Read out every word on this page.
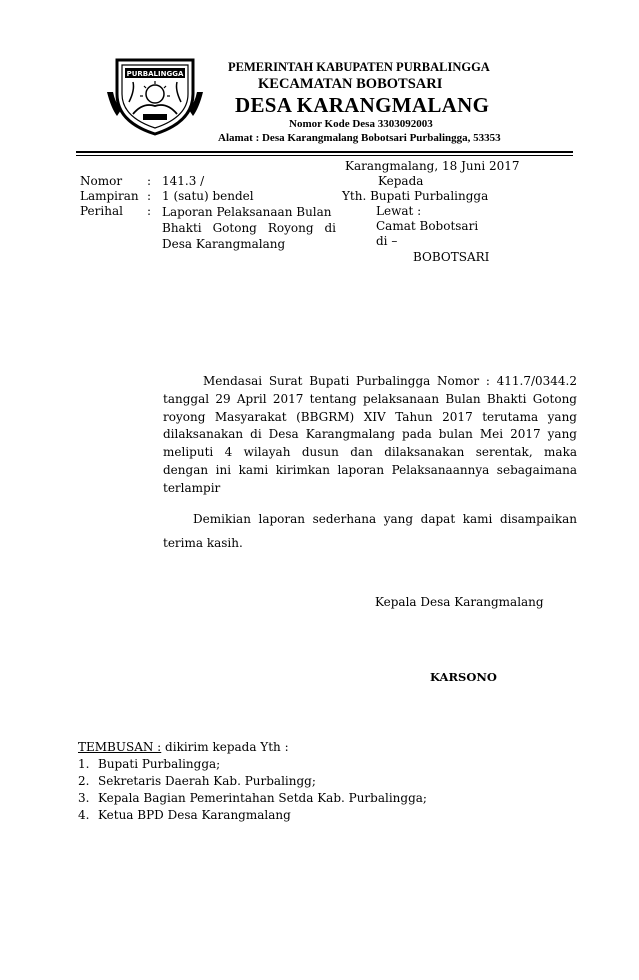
PURBALINGGA	PEMERINTAH KABUPATEN PURBALINGGA
KECAMATAN BOBOTSARI
DESA KARANGMALANG
Nomor Kode Desa 3303092003
Alamat : Desa Karangmalang Bobotsari Purbalingga, 53353
Karangmalang, 18 Juni 2017
Nomor : 141.3 /
Lampiran : 1 (satu) bendel
Perihal : Laporan Pelaksanaan Bulan
Bhakti Gotong Royong di
Desa Karangmalang
Kepada
Yth. Bupati Purbalingga
Lewat :
Camat Bobotsari
di –
BOBOTSARI
Mendasai Surat Bupati Purbalingga Nomor : 411.7/0344.2
tanggal 29 April 2017 tentang pelaksanaan Bulan Bhakti Gotong
royong Masyarakat (BBGRM) XIV Tahun 2017 terutama yang
dilaksanakan di Desa Karangmalang pada bulan Mei 2017 yang
meliputi 4 wilayah dusun dan dilaksanakan serentak, maka
dengan ini kami kirimkan laporan Pelaksanaannya sebagaimana
terlampir
Demikian laporan sederhana yang dapat kami disampaikan
terima kasih.
Kepala Desa Karangmalang
KARSONO
TEMBUSAN : dikirim kepada Yth :
1. Bupati Purbalingga;
2. Sekretaris Daerah Kab. Purbalingg;
3. Kepala Bagian Pemerintahan Setda Kab. Purbalingga;
4. Ketua BPD Desa Karangmalang
